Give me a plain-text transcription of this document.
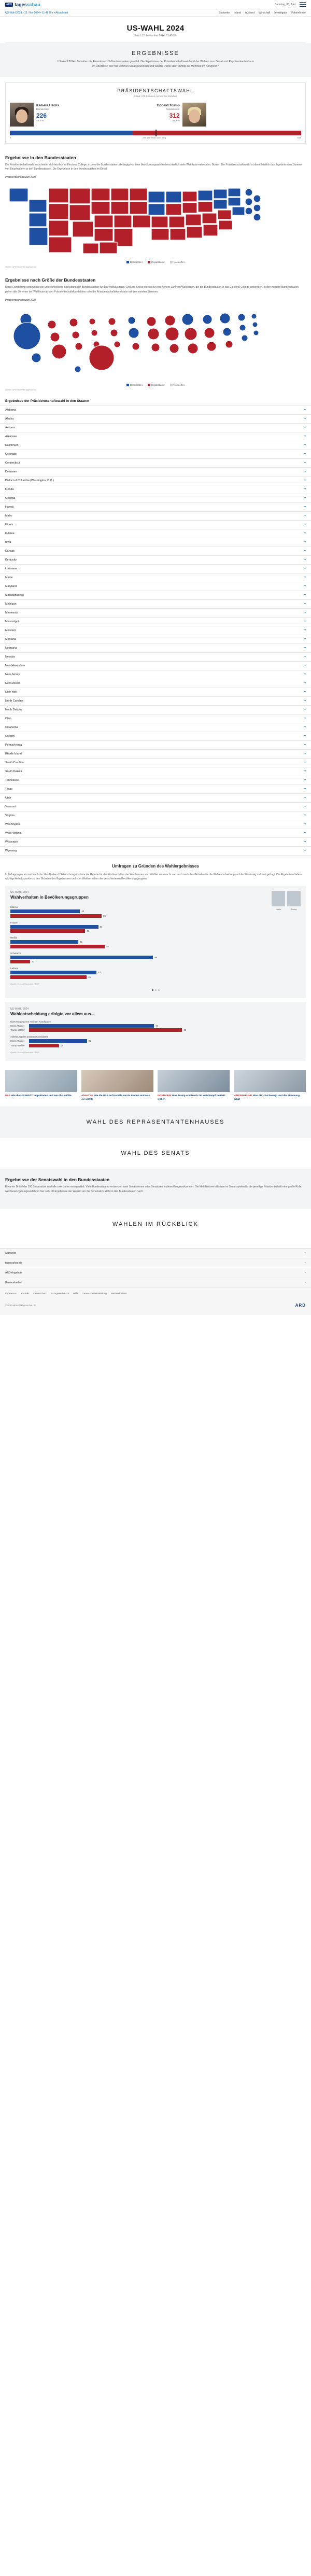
ARD tagesschau	Samstag, 08. Juni
US-Wahl 2024 • 12. Nov 2024 • 11:48 Uhr • Aktualisiert	Startseite Inland Ausland Wirtschaft Investigativ Faktenfinder
US-WAHL 2024
Stand: 12. November 2024, 11:48 Uhr
ERGEBNISSE

US-Wahl 2024 - Ta hatten die Einwohner US-Bundesstaaten gewählt. Die Ergebnisse der Präsidentschaftswahl und der Wahlen zum Senat und Repräsentantenhaus im Überblick: Wer hat welchen Staat gewonnen und welche Partei stellt künftig die Mehrheit im Kongress?

PRÄSIDENTSCHAFTSWAHL
Stand: 270 Stimmen reichen zur Mehrheit
Kamala Harris
Demokraten
226
48,3 %
Donald Trump
Republikaner
312
49,9 %
0	270 Wahlleute zum Sieg	538
Ergebnisse in den Bundesstaaten

Die Präsidentschaftswahl entscheidet sich letztlich im Electoral College, in dem die Bundesstaaten abhängig von ihrer Bevölkerungszahl unterschiedlich viele Wahlleute entsenden. Bunter: Die Präsidentschaftswahl ist damit letztlich das Ergebnis einer Summe von Einzelwahlen in den Bundesstaaten. Die Ergebnisse in den Bundesstaaten im Detail:

Präsidentschaftswahl 2024
Demokraten	Republikaner	Noch offen
Quelle: AP/Edison via tagesschau
Ergebnisse nach Größe der Bundesstaaten

Diese Darstellung verdeutlicht die unterschiedliche Bedeutung der Bundesstaaten für den Wahlausgang. Größere Kreise stehen für eine höhere Zahl von Wahlleuten, die die Bundesstaaten in das Electoral College entsenden. In den meisten Bundesstaaten gehen alle Stimmen der Wahlleute an den Präsidentschaftskandidaten oder die Präsidentschaftskandidatin mit den meisten Stimmen.

Präsidentschaftswahl 2024
Demokraten	Republikaner	Noch offen
Quelle: AP/Edison via tagesschau
Ergebnisse der Präsidentschaftswahl in den Staaten
Alabama	▾
Alaska	▾
Arizona	▾
Arkansas	▾
Kalifornien	▾
Colorado	▾
Connecticut	▾
Delaware	▾
District of Columbia (Washington, D.C.)	▾
Florida	▾
Georgia	▾
Hawaii	▾
Idaho	▾
Illinois	▾
Indiana	▾
Iowa	▾
Kansas	▾
Kentucky	▾
Louisiana	▾
Maine	▾
Maryland	▾
Massachusetts	▾
Michigan	▾
Minnesota	▾
Mississippi	▾
Missouri	▾
Montana	▾
Nebraska	▾
Nevada	▾
New Hampshire	▾
New Jersey	▾
New Mexico	▾
New York	▾
North Carolina	▾
North Dakota	▾
Ohio	▾
Oklahoma	▾
Oregon	▾
Pennsylvania	▾
Rhode Island	▾
South Carolina	▾
South Dakota	▾
Tennessee	▾
Texas	▾
Utah	▾
Vermont	▾
Virginia	▾
Washington	▾
West Virginia	▾
Wisconsin	▾
Wyoming	▾
Umfragen zu Gründen des Wahlergebnisses

In Befragungen am und nach der Wahl haben US-Forschungsinstitute die Gründe für das Wahlverhalten der Wählerinnen und Wähler untersucht und auch nach den Gründen für die Wahlentscheidung und die Stimmung im Land gefragt. Die Ergebnisse liefern wichtige Anhaltspunkte zu den Gründen des Ergebnisses und zum Wahlverhalten der verschiedenen Bevölkerungsgruppen.

Harris	Trump
US-WAHL 2024
Wahlverhalten in Bevölkerungsgruppen
Männer
42
55
Frauen
53
45
Weiße
41
57
Schwarze
86
12
Latinos
52
46
Quelle: Edison Research / NEP
US-WAHL 2024
Wahlentscheidung erfolgte vor allem aus...
Überzeugung von meinem Kandidaten
Harris-Wähler	67
Trump-Wähler	82
Ablehnung des anderen Kandidaten
Harris-Wähler	31
Trump-Wähler	16
Quelle: Edison Research / NEP
USA Wie die US-Wahl Trump Binden und was ihn wählte	ANALYSE Wie die USA auf Kamala Harris Binden und was sie wählte
INTERVIEW Was Trump und Harris im Wahlkampf bewirkt wollen
HINTERGRUND Was die USA bewegt und die Stimmung prägt
WAHL DES REPRÄSENTANTENHAUSES
WAHL DES SENATS
Ergebnisse der Senatswahl in den Bundesstaaten

Etwa ein Drittel der 100 Senatssitze wird alle zwei Jahre neu gewählt. Viele Bundesstaaten entsenden zwei Senatorinnen oder Senatoren in diese Kongresskammer. Die Mehrheitsverhältnisse im Senat spielen für die jeweilige Präsidentschaft eine große Rolle, weil Gesetzgebungsverfahren hier sehr oft Ergebnisse der Wahlen um die Senatssitze 2024 in den Bundesstaaten nach:

WAHLEN IM RÜCKBLICK
Startseite	▾
tagesschau.de	▾
ARD Angebote	▾
Barrierefreiheit	▾
Impressum Kontakt Datenschutz Zu tagesschau24 Hilfe Datenschutzeinstellung Barrierefreiheit
© ARD-aktuell / tagesschau.de	ARD
